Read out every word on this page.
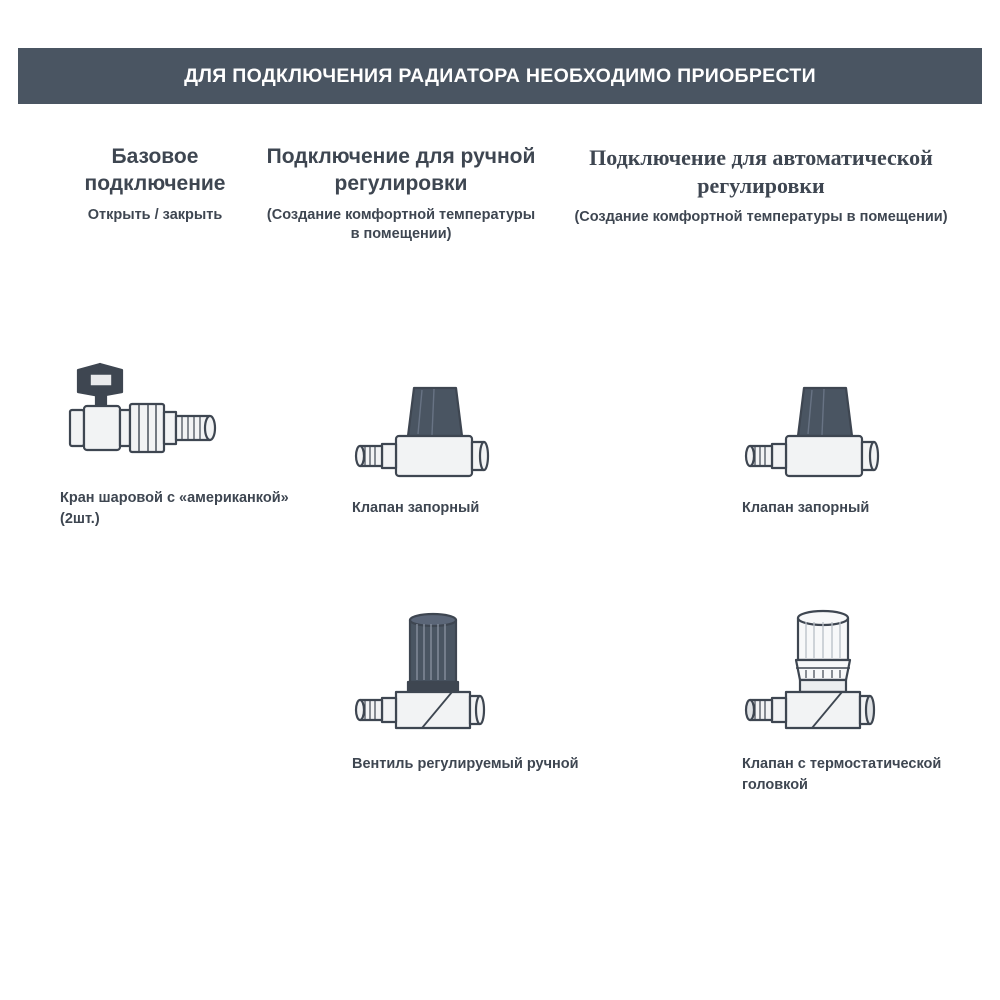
ДЛЯ ПОДКЛЮЧЕНИЯ РАДИАТОРА НЕОБХОДИМО ПРИОБРЕСТИ
Базовое подключение
Открыть / закрыть
Подключение для ручной регулировки
(Создание комфортной температуры в помещении)
Подключение для автоматической регулировки
(Создание комфортной температуры в помещении)
Кран шаровой с «американкой» (2шт.)
Клапан запорный	Клапан запорный
Вентиль регулируемый ручной	Клапан с термостатической головкой
